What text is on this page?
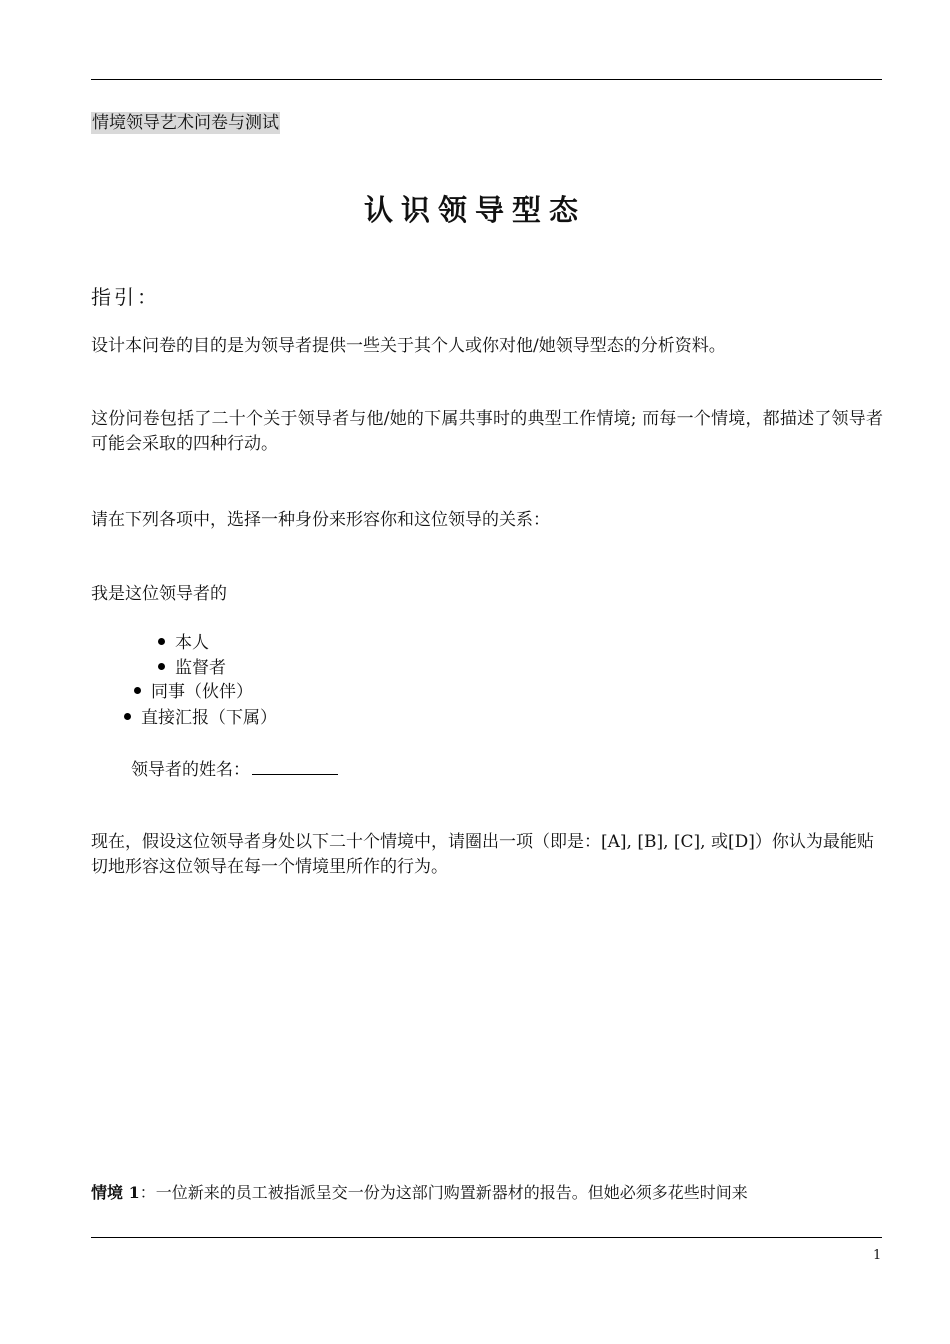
情境领导艺术问卷与测试
认识领导型态
指引：
设计本问卷的目的是为领导者提供一些关于其个人或你对他/她领导型态的分析资料。
这份问卷包括了二十个关于领导者与他/她的下属共事时的典型工作情境; 而每一个情境，都描述了领导者可能会采取的四种行动。
请在下列各项中，选择一种身份来形容你和这位领导的关系：
我是这位领导者的
本人
监督者
同事（伙伴）
直接汇报（下属）
领导者的姓名：
现在，假设这位领导者身处以下二十个情境中，请圈出一项（即是：[A], [B], [C], 或[D]）你认为最能贴切地形容这位领导在每一个情境里所作的行为。
情境 1：一位新来的员工被指派呈交一份为这部门购置新器材的报告。但她必须多花些时间来
1
